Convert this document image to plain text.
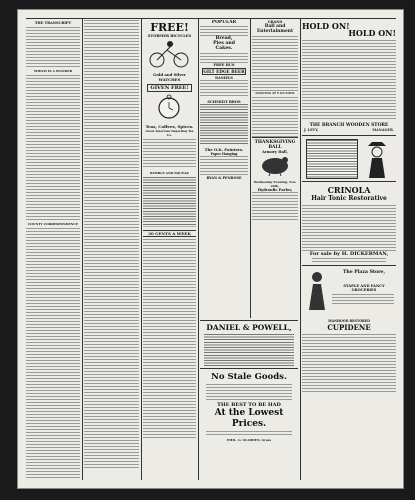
THE TRANSCRIPT
WHICH IS A WONDER
COUNTY CORRESPONDENCE
FREE!
STORMER BICYCLES
Gold and Silver WATCHES
GIVEN FREE!
Teas, Coffees, Spices.
Great American Importing Tea Co.
BUBBLE AND SQUEAK
30 CENTS A WEEK
POPULAR
Bread,
Pies and
Cakes.
FREE BUS
GILT EDGE BEER
DANIELS
SCHMIDT BROS
The O.K. Painters.
Paper Hanging
RYAN & PENROSE
GRAND
Ball and Entertainment
DANCING AT 9 O'CLOCK
THANKSGIVING BALL
Armory Hall,
Wednesday Evening, Nov. 24th,
Hydraulic Parlor,
DANIEL & POWELL,
No Stale Goods.
THE BEST TO BE HAD
At the Lowest Prices.
EMIL. G. SCADDEN, Grass
HOLD ON!
HOLD ON!
THE BRANCH WOODEN STORE
J. LEVY,	MANAGER.
CRINOLA
Hair Tonic Restorative
For sale by H. DICKERMAN,
The Plaza Store,
STAPLE AND FANCY GROCERIES
MANHOOD RESTORED
CUPIDENE
